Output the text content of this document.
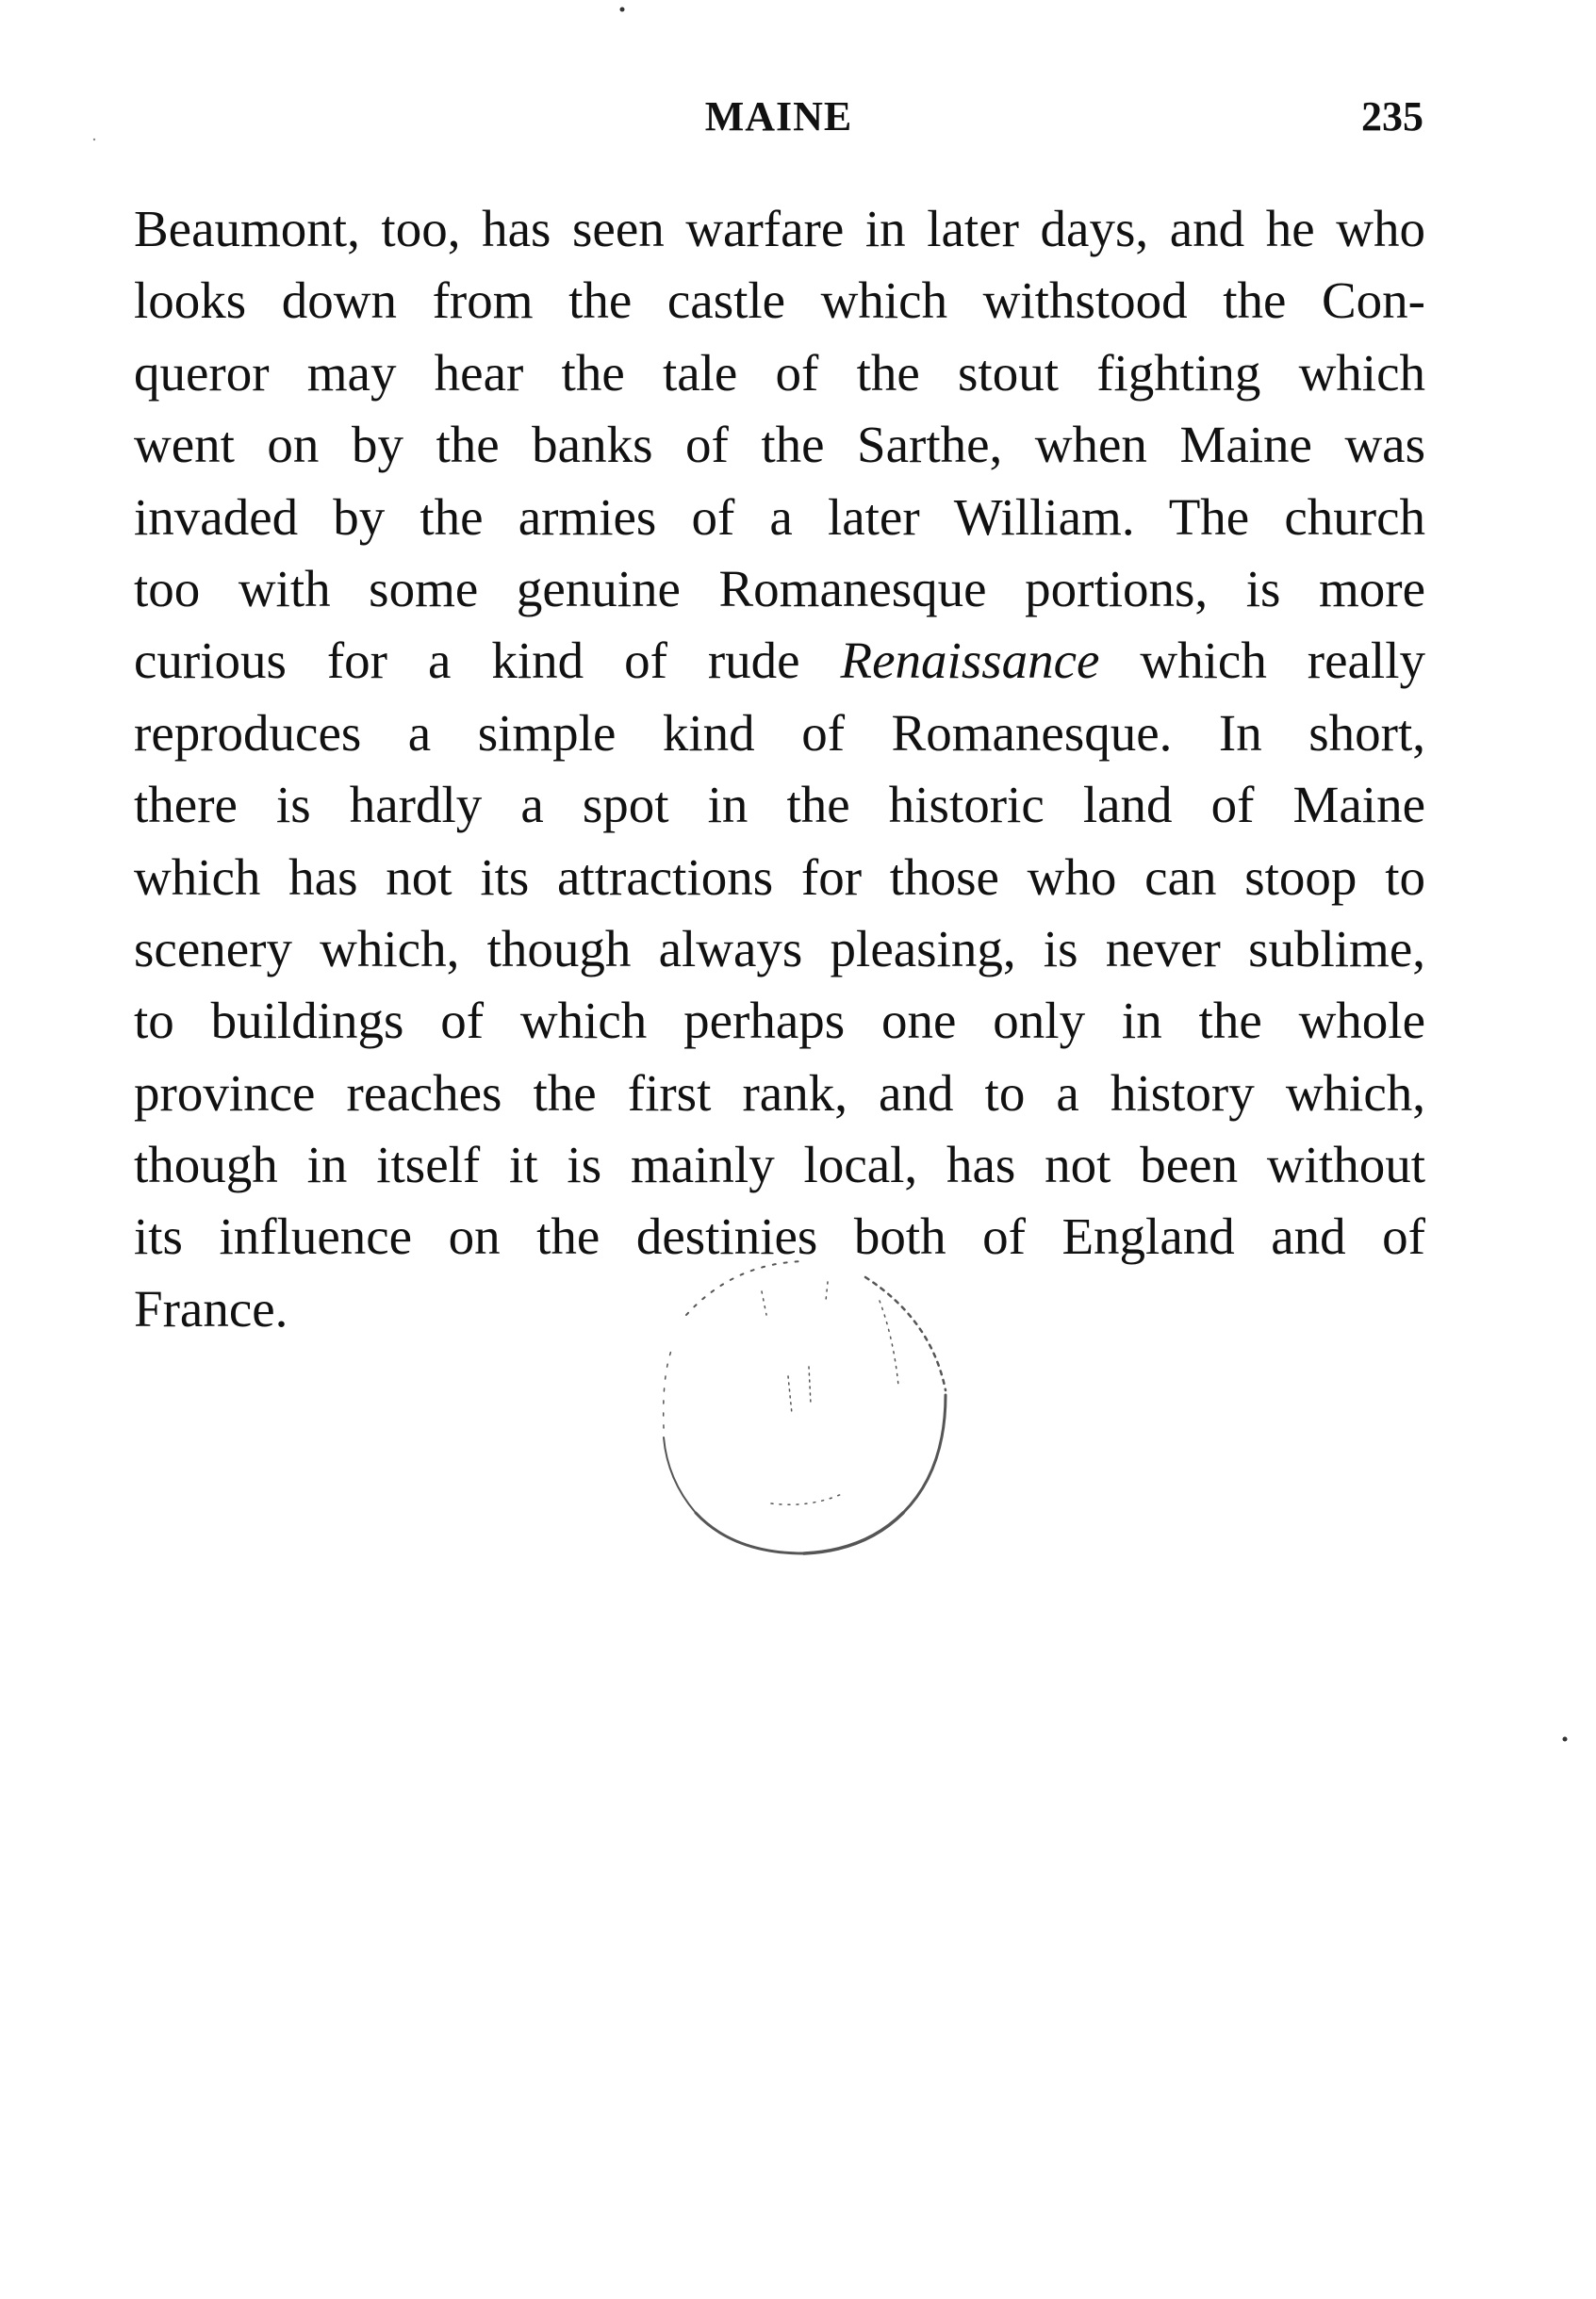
MAINE	235
Beaumont, too, has seen warfare in later days, and he who
looks down from the castle which withstood the Con-
queror may hear the tale of the stout fighting which
went on by the banks of the Sarthe, when Maine was
invaded by the armies of a later William. The church
too with some genuine Romanesque portions, is more
curious for a kind of rude Renaissance which really
reproduces a simple kind of Romanesque. In short,
there is hardly a spot in the historic land of Maine
which has not its attractions for those who can stoop to
scenery which, though always pleasing, is never sublime,
to buildings of which perhaps one only in the whole
province reaches the first rank, and to a history which,
though in itself it is mainly local, has not been without
its influence on the destinies both of England and of
France.
